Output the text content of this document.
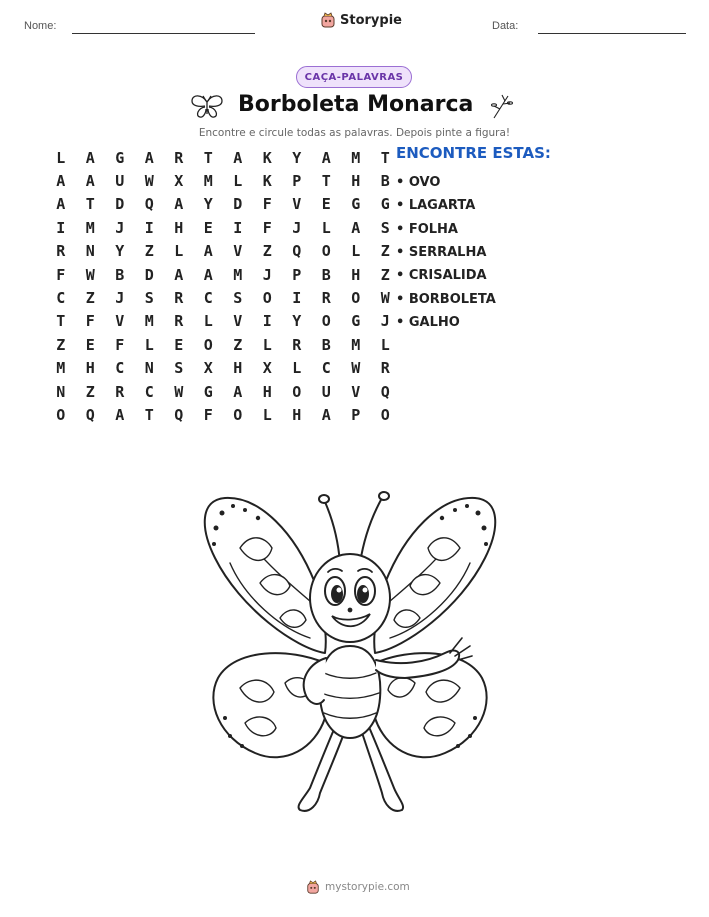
Nome:	Storypie	Data:
CAÇA-PALAVRAS
Borboleta Monarca
Encontre e circule todas as palavras. Depois pinte a figura!
L	A	G	A	R	T	A	K	Y	A	M	T
A	A	U	W	X	M	L	K	P	T	H	B
A	T	D	Q	A	Y	D	F	V	E	G	G
I	M	J	I	H	E	I	F	J	L	A	S
R	N	Y	Z	L	A	V	Z	Q	O	L	Z
F	W	B	D	A	A	M	J	P	B	H	Z
C	Z	J	S	R	C	S	O	I	R	O	W
T	F	V	M	R	L	V	I	Y	O	G	J
Z	E	F	L	E	O	Z	L	R	B	M	L
M	H	C	N	S	X	H	X	L	C	W	R
N	Z	R	C	W	G	A	H	O	U	V	Q
O	Q	A	T	Q	F	O	L	H	A	P	O
ENCONTRE ESTAS:
• OVO
• LAGARTA
• FOLHA
• SERRALHA
• CRISALIDA
• BORBOLETA
• GALHO
mystorypie.com
